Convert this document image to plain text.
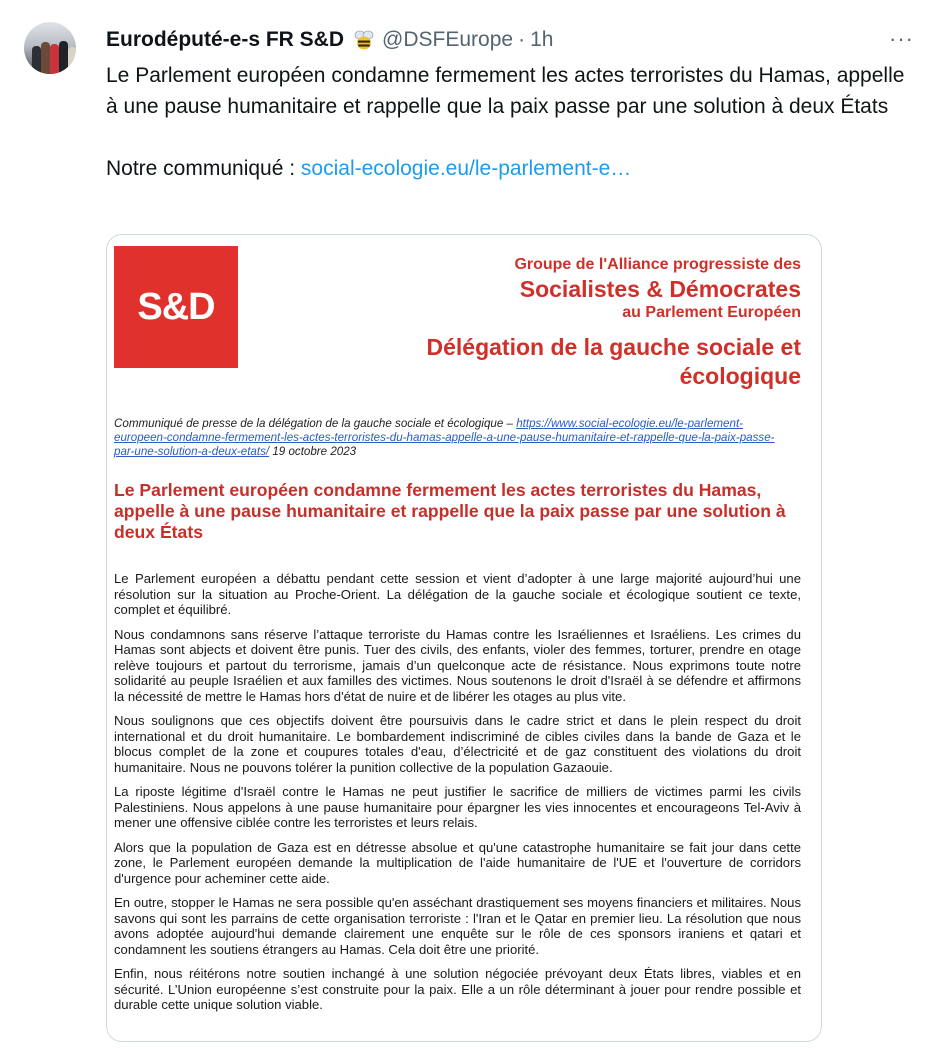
Eurodéputé-e-s FR S&D @DSFEurope · 1h	···

Le Parlement européen condamne fermement les actes terroristes du Hamas, appelle à une pause humanitaire et rappelle que la paix passe par une solution à deux États

Notre communiqué : social-ecologie.eu/le-parlement-e…

S&D
Groupe de l'Alliance progressiste des
Socialistes & Démocrates
au Parlement Européen
Délégation de la gauche sociale et
écologique
Communiqué de presse de la délégation de la gauche sociale et écologique – https://www.social-ecologie.eu/le-parlement-europeen-condamne-fermement-les-actes-terroristes-du-hamas-appelle-a-une-pause-humanitaire-et-rappelle-que-la-paix-passe-par-une-solution-a-deux-etats/ 19 octobre 2023
Le Parlement européen condamne fermement les actes terroristes du Hamas, appelle à une pause humanitaire et rappelle que la paix passe par une solution à deux États

Le Parlement européen a débattu pendant cette session et vient d’adopter à une large majorité aujourd’hui une résolution sur la situation au Proche-Orient. La délégation de la gauche sociale et écologique soutient ce texte, complet et équilibré.

Nous condamnons sans réserve l’attaque terroriste du Hamas contre les Israéliennes et Israéliens. Les crimes du Hamas sont abjects et doivent être punis. Tuer des civils, des enfants, violer des femmes, torturer, prendre en otage relève toujours et partout du terrorisme, jamais d’un quelconque acte de résistance. Nous exprimons toute notre solidarité au peuple Israélien et aux familles des victimes. Nous soutenons le droit d'Israël à se défendre et affirmons la nécessité de mettre le Hamas hors d'état de nuire et de libérer les otages au plus vite.

Nous soulignons que ces objectifs doivent être poursuivis dans le cadre strict et dans le plein respect du droit international et du droit humanitaire. Le bombardement indiscriminé de cibles civiles dans la bande de Gaza et le blocus complet de la zone et coupures totales d'eau, d’électricité et de gaz constituent des violations du droit humanitaire. Nous ne pouvons tolérer la punition collective de la population Gazaouie.

La riposte légitime d'Israël contre le Hamas ne peut justifier le sacrifice de milliers de victimes parmi les civils Palestiniens. Nous appelons à une pause humanitaire pour épargner les vies innocentes et encourageons Tel-Aviv à mener une offensive ciblée contre les terroristes et leurs relais.

Alors que la population de Gaza est en détresse absolue et qu'une catastrophe humanitaire se fait jour dans cette zone, le Parlement européen demande la multiplication de l'aide humanitaire de l'UE et l'ouverture de corridors d'urgence pour acheminer cette aide.

En outre, stopper le Hamas ne sera possible qu'en asséchant drastiquement ses moyens financiers et militaires. Nous savons qui sont les parrains de cette organisation terroriste : l'Iran et le Qatar en premier lieu. La résolution que nous avons adoptée aujourd'hui demande clairement une enquête sur le rôle de ces sponsors iraniens et qatari et condamnent les soutiens étrangers au Hamas. Cela doit être une priorité.

Enfin, nous réitérons notre soutien inchangé à une solution négociée prévoyant deux États libres, viables et en sécurité. L’Union européenne s’est construite pour la paix. Elle a un rôle déterminant à jouer pour rendre possible et durable cette unique solution viable.
